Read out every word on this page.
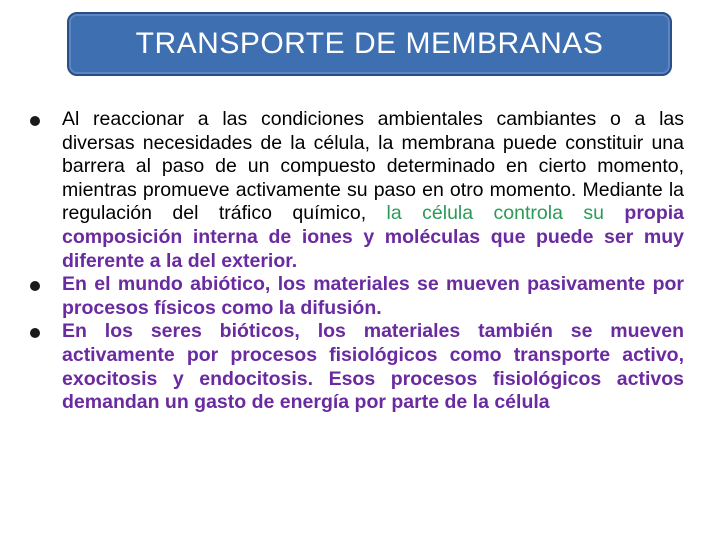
TRANSPORTE DE MEMBRANAS
Al reaccionar a las condiciones ambientales cambiantes o a las diversas necesidades de la célula, la membrana puede constituir una barrera al paso de un compuesto determinado en cierto momento, mientras promueve activamente su paso en otro momento. Mediante la regulación del tráfico químico, la célula controla su propia composición interna de iones y moléculas que puede ser muy diferente a la del exterior.
En el mundo abiótico, los materiales se mueven pasivamente por procesos físicos como la difusión.
En los seres bióticos, los materiales también se mueven activamente por procesos fisiológicos como transporte activo, exocitosis y endocitosis. Esos procesos fisiológicos activos demandan un gasto de energía por parte de la célula
